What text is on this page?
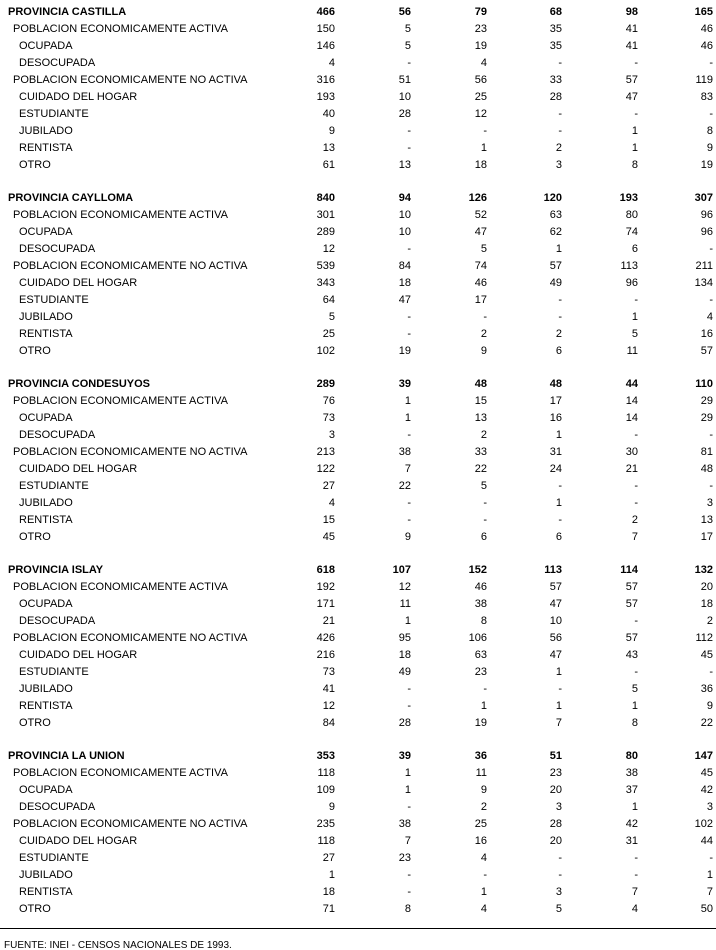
PROVINCIA CASTILLA	466	56	79	68	98	165
POBLACION ECONOMICAMENTE ACTIVA	150	5	23	35	41	46
OCUPADA	146	5	19	35	41	46
DESOCUPADA	4	-	4	-	-	-
POBLACION ECONOMICAMENTE NO ACTIVA	316	51	56	33	57	119
CUIDADO DEL HOGAR	193	10	25	28	47	83
ESTUDIANTE	40	28	12	-	-	-
JUBILADO	9	-	-	-	1	8
RENTISTA	13	-	1	2	1	9
OTRO	61	13	18	3	8	19
PROVINCIA CAYLLOMA	840	94	126	120	193	307
POBLACION ECONOMICAMENTE ACTIVA	301	10	52	63	80	96
OCUPADA	289	10	47	62	74	96
DESOCUPADA	12	-	5	1	6	-
POBLACION ECONOMICAMENTE NO ACTIVA	539	84	74	57	113	211
CUIDADO DEL HOGAR	343	18	46	49	96	134
ESTUDIANTE	64	47	17	-	-	-
JUBILADO	5	-	-	-	1	4
RENTISTA	25	-	2	2	5	16
OTRO	102	19	9	6	11	57
PROVINCIA CONDESUYOS	289	39	48	48	44	110
POBLACION ECONOMICAMENTE ACTIVA	76	1	15	17	14	29
OCUPADA	73	1	13	16	14	29
DESOCUPADA	3	-	2	1	-	-
POBLACION ECONOMICAMENTE NO ACTIVA	213	38	33	31	30	81
CUIDADO DEL HOGAR	122	7	22	24	21	48
ESTUDIANTE	27	22	5	-	-	-
JUBILADO	4	-	-	1	-	3
RENTISTA	15	-	-	-	2	13
OTRO	45	9	6	6	7	17
PROVINCIA ISLAY	618	107	152	113	114	132
POBLACION ECONOMICAMENTE ACTIVA	192	12	46	57	57	20
OCUPADA	171	11	38	47	57	18
DESOCUPADA	21	1	8	10	-	2
POBLACION ECONOMICAMENTE NO ACTIVA	426	95	106	56	57	112
CUIDADO DEL HOGAR	216	18	63	47	43	45
ESTUDIANTE	73	49	23	1	-	-
JUBILADO	41	-	-	-	5	36
RENTISTA	12	-	1	1	1	9
OTRO	84	28	19	7	8	22
PROVINCIA LA UNION	353	39	36	51	80	147
POBLACION ECONOMICAMENTE ACTIVA	118	1	11	23	38	45
OCUPADA	109	1	9	20	37	42
DESOCUPADA	9	-	2	3	1	3
POBLACION ECONOMICAMENTE NO ACTIVA	235	38	25	28	42	102
CUIDADO DEL HOGAR	118	7	16	20	31	44
ESTUDIANTE	27	23	4	-	-	-
JUBILADO	1	-	-	-	-	1
RENTISTA	18	-	1	3	7	7
OTRO	71	8	4	5	4	50
FUENTE: INEI - CENSOS NACIONALES DE 1993.
